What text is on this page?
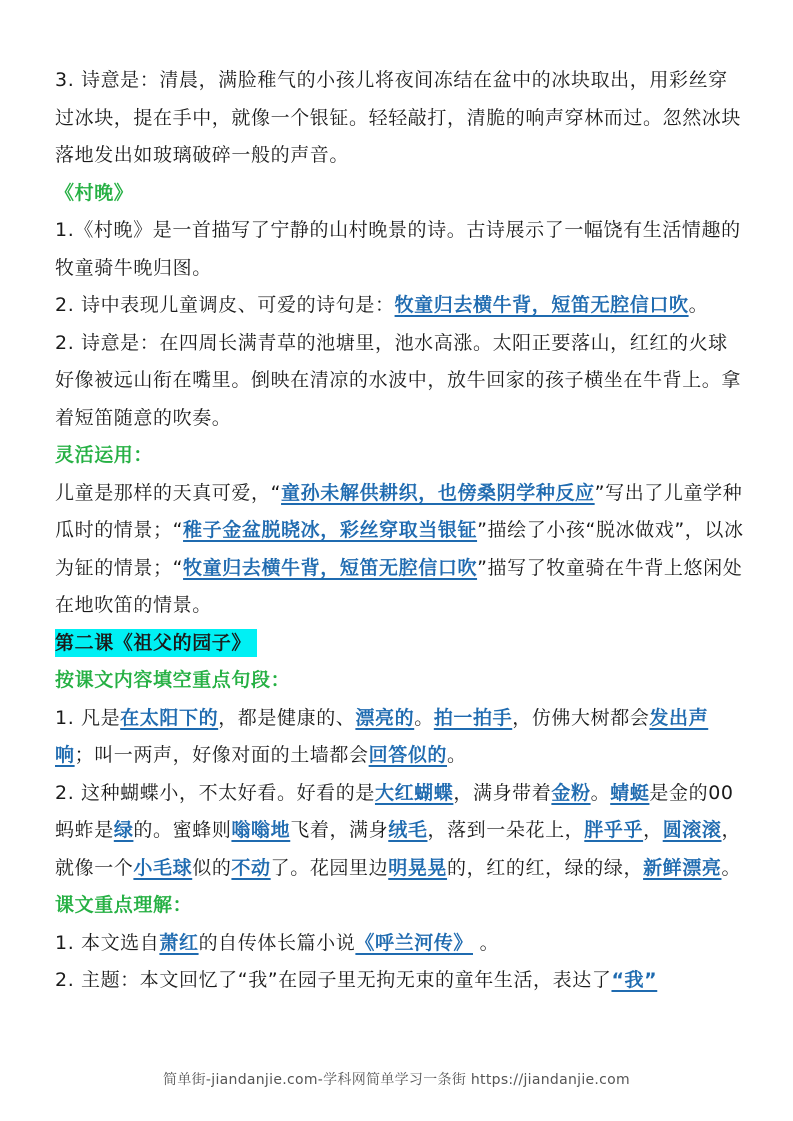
3. 诗意是：清晨，满脸稚气的小孩儿将夜间冻结在盆中的冰块取出，用彩丝穿过冰块，提在手中，就像一个银钲。轻轻敲打，清脆的响声穿林而过。忽然冰块落地发出如玻璃破碎一般的声音。

《村晚》

1.《村晚》是一首描写了宁静的山村晚景的诗。古诗展示了一幅饶有生活情趣的牧童骑牛晚归图。

2. 诗中表现儿童调皮、可爱的诗句是：牧童归去横牛背，短笛无腔信口吹。

2. 诗意是：在四周长满青草的池塘里，池水高涨。太阳正要落山，红红的火球好像被远山衔在嘴里。倒映在清凉的水波中，放牛回家的孩子横坐在牛背上。拿着短笛随意的吹奏。

灵活运用：

儿童是那样的天真可爱，“童孙未解供耕织，也傍桑阴学种反应”写出了儿童学种瓜时的情景；“稚子金盆脱晓冰，彩丝穿取当银钲”描绘了小孩“脱冰做戏”，以冰为钲的情景；“牧童归去横牛背，短笛无腔信口吹”描写了牧童骑在牛背上悠闲处在地吹笛的情景。

第二课《祖父的园子》

按课文内容填空重点句段：

1. 凡是在太阳下的，都是健康的、漂亮的。拍一拍手，仿佛大树都会发出声响；叫一两声，好像对面的土墙都会回答似的。

2. 这种蝴蝶小，不太好看。好看的是大红蝴蝶，满身带着金粉。蜻蜓是金的00蚂蚱是绿的。蜜蜂则嗡嗡地飞着，满身绒毛，落到一朵花上，胖乎乎，圆滚滚，就像一个小毛球似的不动了。花园里边明晃晃的，红的红，绿的绿，新鲜漂亮。

课文重点理解：

1. 本文选自萧红的自传体长篇小说《呼兰河传》 。

2. 主题：本文回忆了“我”在园子里无拘无束的童年生活，表达了“我”

简单街-jiandanjie.com-学科网简单学习一条街 https://jiandanjie.com
